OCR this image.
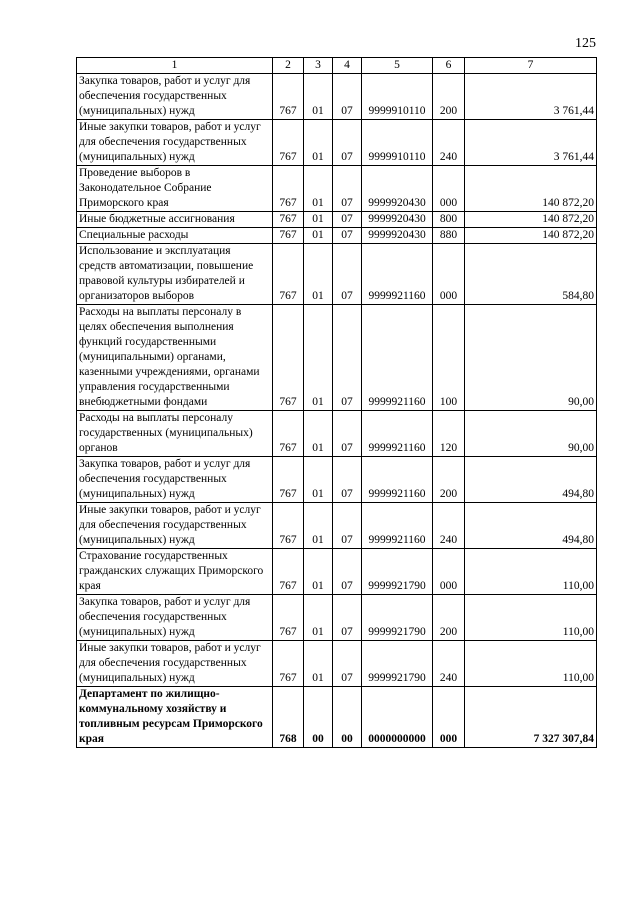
125
1	2	3	4	5	6	7
Закупка товаров, работ и услуг для обеспечения государственных (муниципальных) нужд	767	01	07	9999910110	200	3 761,44
Иные закупки товаров, работ и услуг для обеспечения государственных (муниципальных) нужд	767	01	07	9999910110	240	3 761,44
Проведение выборов в Законодательное Собрание Приморского края	767	01	07	9999920430	000	140 872,20
Иные бюджетные ассигнования	767	01	07	9999920430	800	140 872,20
Специальные расходы	767	01	07	9999920430	880	140 872,20
Использование и эксплуатация средств автоматизации, повышение правовой культуры избирателей и организаторов выборов	767	01	07	9999921160	000	584,80
Расходы на выплаты персоналу в целях обеспечения выполнения функций государственными (муниципальными) органами, казенными учреждениями, органами управления государственными внебюджетными фондами	767	01	07	9999921160	100	90,00
Расходы на выплаты персоналу государственных (муниципальных) органов	767	01	07	9999921160	120	90,00
Закупка товаров, работ и услуг для обеспечения государственных (муниципальных) нужд	767	01	07	9999921160	200	494,80
Иные закупки товаров, работ и услуг для обеспечения государственных (муниципальных) нужд	767	01	07	9999921160	240	494,80
Страхование государственных гражданских служащих Приморского края	767	01	07	9999921790	000	110,00
Закупка товаров, работ и услуг для обеспечения государственных (муниципальных) нужд	767	01	07	9999921790	200	110,00
Иные закупки товаров, работ и услуг для обеспечения государственных (муниципальных) нужд	767	01	07	9999921790	240	110,00
Департамент по жилищно-коммунальному хозяйству и топливным ресурсам Приморского края	768	00	00	0000000000	000	7 327 307,84
